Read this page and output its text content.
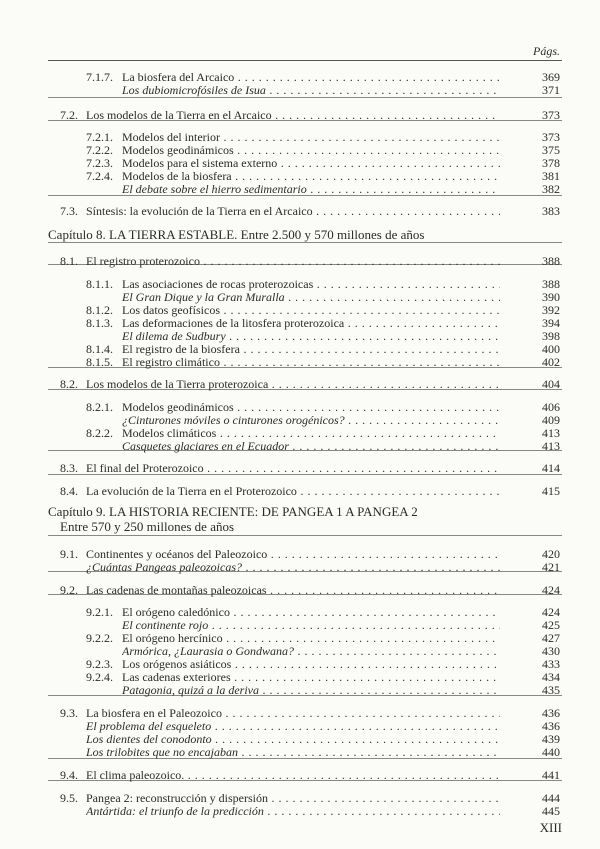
Págs.
Capítulo 8. LA TIERRA ESTABLE. Entre 2.500 y 570 millones de años
Capítulo 9. LA HISTORIA RECIENTE: DE PANGEA 1 A PANGEA 2
Entre 570 y 250 millones de años
7.1.7. La biosfera del Arcaico . . .	369
Los dubiomicrofósiles de Isua . . .	371
7.2. Los modelos de la Tierra en el Arcaico . . .	373
7.2.1. Modelos del interior . . .	373
7.2.2. Modelos geodinámicos . . .	375
7.2.3. Modelos para el sistema externo . . .	378
7.2.4. Modelos de la biosfera . . .	381
El debate sobre el hierro sedimentario . . .	382
7.3. Síntesis: la evolución de la Tierra en el Arcaico . . .	383
8.1. El registro proterozoico . . .	388
8.1.1. Las asociaciones de rocas proterozoicas . . .	388
El Gran Dique y la Gran Muralla . . .	390
8.1.2. Los datos geofísicos . . .	392
8.1.3. Las deformaciones de la litosfera proterozoica . . .	394
El dilema de Sudbury . . .	398
8.1.4. El registro de la biosfera . . .	400
8.1.5. El registro climático . . .	402
8.2. Los modelos de la Tierra proterozoica . . .	404
8.2.1. Modelos geodinámicos . . .	406
¿Cinturones móviles o cinturones orogénicos? . . .	409
8.2.2. Modelos climáticos . . .	413
Casquetes glaciares en el Ecuador . . .	413
8.3. El final del Proterozoico . . .	414
8.4. La evolución de la Tierra en el Proterozoico . . .	415
9.1. Continentes y océanos del Paleozoico . . .	420
¿Cuántas Pangeas paleozoicas? . . .	421
9.2. Las cadenas de montañas paleozoicas . . .	424
9.2.1. El orógeno caledónico . . .	424
El continente rojo . . .	425
9.2.2. El orógeno hercínico . . .	427
Armórica, ¿Laurasia o Gondwana? . . .	430
9.2.3. Los orógenos asiáticos . . .	433
9.2.4. Las cadenas exteriores . . .	434
Patagonia, quizá a la deriva . . .	435
9.3. La biosfera en el Paleozoico . . .	436
El problema del esqueleto . . .	436
Los dientes del conodonto . . .	439
Los trilobites que no encajaban . . .	440
9.4. El clima paleozoico. . . .	441
9.5. Pangea 2: reconstrucción y dispersión . . .	444
Antártida: el triunfo de la predicción . . .	445
XIII
